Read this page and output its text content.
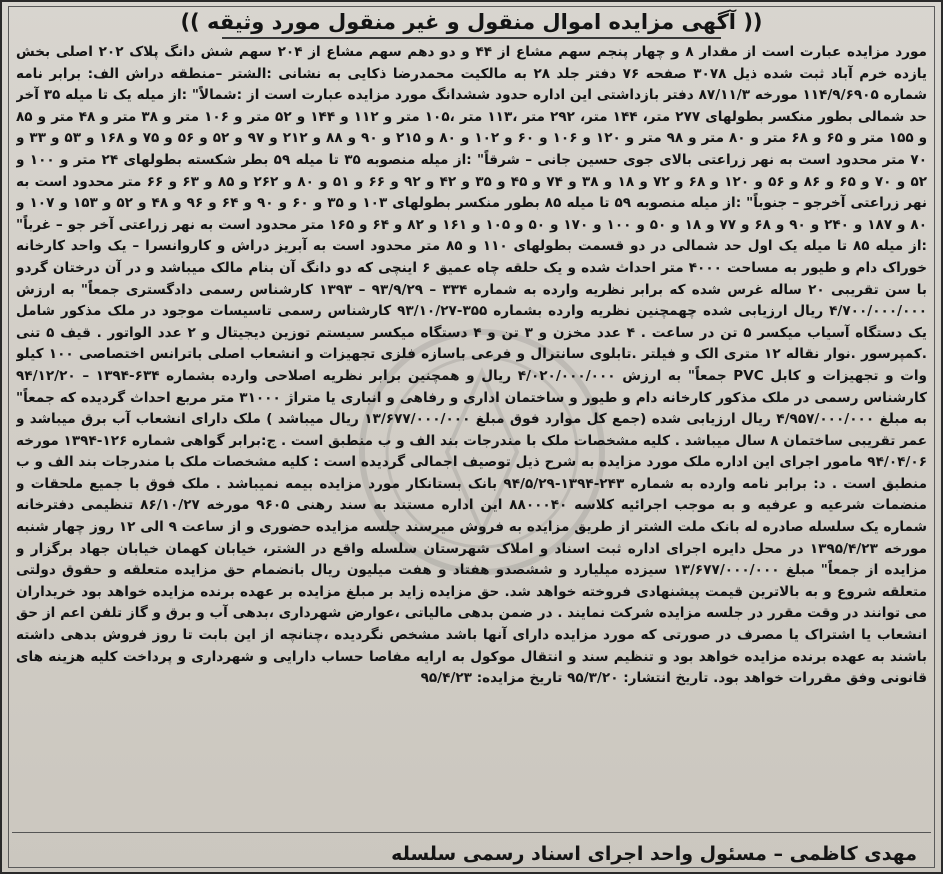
(( آگهی مزایده اموال منقول و غیر منقول مورد وثیقه ))

مورد مزایده عبارت است از مقدار ۸ و چهار پنجم سهم مشاع از ۴۴ و دو دهم سهم مشاع از ۲۰۴ سهم شش دانگ پلاک ۲۰۲ اصلی بخش یازده خرم آباد ثبت شده ذیل ۳۰۷۸ صفحه ۷۶ دفتر جلد ۲۸ به مالکیت محمدرضا ذکایی به نشانی :الشتر –منطقه دراش الف: برابر نامه شماره ۱۱۴/۹/۶۹۰۵ مورخه ۸۷/۱۱/۳ دفتر بازداشتی این اداره حدود ششدانگ مورد مزایده عبارت است از :شمالاً" :از میله یک تا میله ۳۵ آخر حد شمالی بطور منکسر بطولهای ۲۷۷ متر، ۱۴۴ متر، ۲۹۲ متر ،۱۱۳ متر ،۱۰۵ متر و ۱۱۲ و ۱۴۴ و ۵۲ متر و ۱۰۶ متر و ۳۸ متر و ۴۸ متر و ۸۵ و ۱۵۵ متر و ۶۵ و ۶۸ متر و ۸۰ متر و ۹۸ متر و ۱۲۰ و ۱۰۶ و ۶۰ و ۱۰۲ و ۸۰ و ۲۱۵ و ۹۰ و ۸۸ و ۲۱۲ و ۹۷ و ۵۲ و ۵۶ و ۷۵ و ۱۶۸ و ۵۳ و ۳۳ و ۷۰ متر محدود است به نهر زراعتی بالای جوی حسین جانی – شرقاً" :از میله منصوبه ۳۵ تا میله ۵۹ بطر شکسته بطولهای ۲۴ متر و ۱۰۰ و ۵۲ و ۷۰ و ۶۵ و ۸۶ و ۵۶ و ۱۲۰ و ۶۸ و ۷۲ و ۱۸ و ۳۸ و ۷۴ و ۴۵ و ۳۵ و ۴۲ و ۹۲ و ۶۶ و ۵۱ و ۸۰ و ۲۶۲ و ۸۵ و ۶۳ و ۶۶ متر محدود است به نهر زراعتی آخرجو – جنوباً" :از میله منصوبه ۵۹ تا میله ۸۵ بطور منکسر بطولهای ۱۰۳ و ۳۵ و ۶۰ و ۹۰ و ۶۴ و ۹۶ و ۴۸ و ۵۲ و ۱۵۳ و ۱۰۷ و ۸۰ و ۱۸۷ و ۲۴۰ و ۹۰ و ۶۸ و ۷۷ و ۱۸ و ۵۰ و ۱۰۰ و ۱۷۰ و ۵۰ و ۱۰۵ و ۱۶۱ و ۸۲ و ۶۴ و ۱۶۵ متر محدود است به نهر زراعتی آخر جو – غرباً" :از میله ۸۵ تا میله یک اول حد شمالی در دو قسمت بطولهای ۱۱۰ و ۸۵ متر محدود است به آبریز دراش و کاروانسرا – یک واحد کارخانه خوراک دام و طیور به مساحت ۴۰۰۰ متر احداث شده و یک حلقه چاه عمیق ۶ اینچی که دو دانگ آن بنام مالک میباشد و در آن درختان گردو با سن تقریبی ۲۰ ساله غرس شده که برابر نظریه وارده به شماره ۳۳۴ – ۹۳/۹/۲۹ – ۱۳۹۳ کارشناس رسمی دادگستری جمعاً" به ارزش ۴/۷۰۰/۰۰۰/۰۰۰ ریال ارزیابی شده چهمچنین نظریه وارده بشماره ۳۵۵-۹۳/۱۰/۲۷ کارشناس رسمی تاسیسات موجود در ملک مذکور شامل یک دستگاه آسیاب میکسر ۵ تن در ساعت . ۴ عدد مخزن و ۳ تن و ۴ دستگاه میکسر سیستم توزین دیجیتال و ۲ عدد الواتور . قیف ۵ تنی .کمپرسور .نوار نقاله ۱۲ متری الک و فیلتر .تابلوی سانترال و فرعی باسازه فلزی تجهیزات و انشعاب اصلی باترانس اختصاصی ۱۰۰ کیلو وات و تجهیزات و کابل PVC جمعاً" به ارزش ۴/۰۲۰/۰۰۰/۰۰۰ ریال و همچنین برابر نظریه اصلاحی وارده بشماره ۶۳۴-۱۳۹۴ – ۹۴/۱۲/۲۰ کارشناس رسمی در ملک مذکور کارخانه دام و طیور و ساختمان اداری و رفاهی و انباری یا متراژ ۳۱۰۰۰ متر مربع احداث گردیده که جمعاً" به مبلغ ۴/۹۵۷/۰۰۰/۰۰۰ ریال ارزیابی شده (جمع کل موارد فوق مبلغ ۱۳/۶۷۷/۰۰۰/۰۰۰ ریال میباشد ) ملک دارای انشعاب آب برق میباشد و عمر تقریبی ساختمان ۸ سال میباشد . کلیه مشخصات ملک با مندرجات بند الف و ب منطبق است . ج:برابر گواهی شماره ۱۲۶-۱۳۹۴ مورخه ۹۴/۰۴/۰۶ مامور اجرای این اداره ملک مورد مزایده به شرح ذیل توصیف اجمالی گردیده است : کلیه مشخصات ملک با مندرجات بند الف و ب منطبق است . د: برابر نامه وارده به شماره ۲۴۳-۱۳۹۴-۹۴/۵/۲۹ بانک بستانکار مورد مزایده بیمه نمیباشد . ملک فوق با جمیع ملحقات و منضمات شرعیه و عرفیه و به موجب اجرائیه کلاسه ۸۸۰۰۰۴۰ این اداره مستند به سند رهنی ۹۶۰۵ مورخه ۸۶/۱۰/۲۷ تنظیمی دفترخانه شماره یک سلسله صادره له بانک ملت الشتر از طریق مزایده به فروش میرسند جلسه مزایده حضوری و از ساعت ۹ الی ۱۲ روز چهار شنبه مورخه ۱۳۹۵/۴/۲۳ در محل دایره اجرای اداره ثبت اسناد و املاک شهرستان سلسله واقع در الشتر، خیابان کهمان خیابان جهاد برگزار و مزایده از جمعاً" مبلغ ۱۳/۶۷۷/۰۰۰/۰۰۰ سیزده میلیارد و ششصدو هفتاد و هفت میلیون ریال بانضمام حق مزایده متعلقه و حقوق دولتی متعلقه شروع و به بالاترین قیمت پیشنهادی فروخته خواهد شد. حق مزایده زاید بر مبلغ مزایده بر عهده برنده مزایده خواهد بود خریداران می توانند در وقت مقرر در جلسه مزایده شرکت نمایند . در ضمن بدهی مالیاتی ،عوارض شهرداری ،بدهی آب و برق و گاز تلفن اعم از حق انشعاب یا اشتراک یا مصرف در صورتی که مورد مزایده دارای آنها باشد مشخص نگردیده ،چنانچه از این بابت تا روز فروش بدهی داشته باشند به عهده برنده مزایده خواهد بود و تنظیم سند و انتقال موکول به ارایه مفاصا حساب دارایی و شهرداری و پرداخت کلیه هزینه های قانونی وفق مقررات خواهد بود. تاریخ انتشار: ۹۵/۳/۲۰ تاریخ مزایده: ۹۵/۴/۲۳

مهدی کاظمی – مسئول واحد اجرای اسناد رسمی سلسله
